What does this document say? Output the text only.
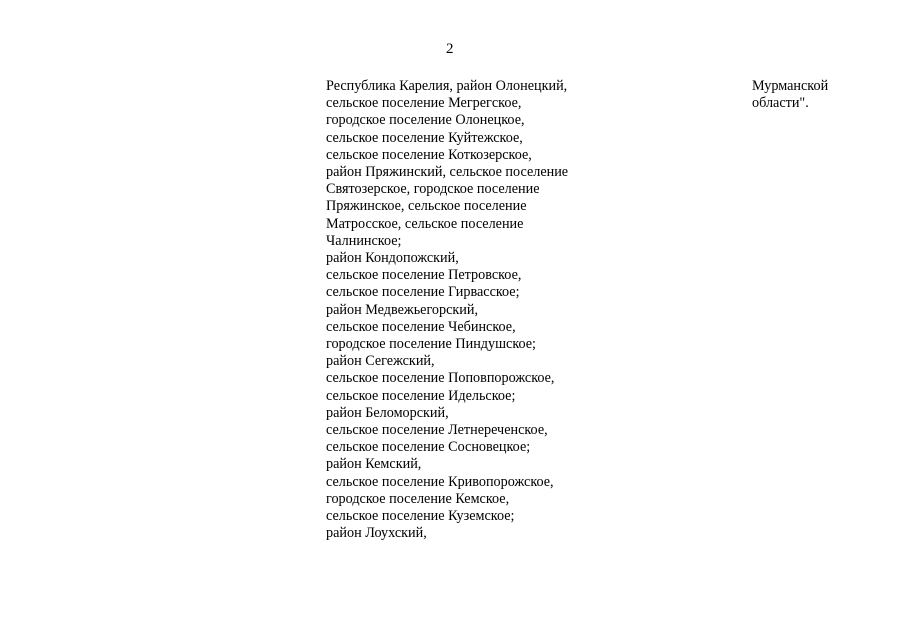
2
Республика Карелия, район Олонецкий,
сельское поселение Мегрегское,
городское поселение Олонецкое,
сельское поселение Куйтежское,
сельское поселение Коткозерское,
район Пряжинский, сельское поселение
Святозерское, городское поселение
Пряжинское, сельское поселение
Матросское, сельское поселение
Чалнинское;
район Кондопожский,
сельское поселение Петровское,
сельское поселение Гирвасское;
район Медвежьегорский,
сельское поселение Чебинское,
городское поселение Пиндушское;
район Сегежский,
сельское поселение Поповпорожское,
сельское поселение Идельское;
район Беломорский,
сельское поселение Летнереченское,
сельское поселение Сосновецкое;
район Кемский,
сельское поселение Кривопорожское,
городское поселение Кемское,
сельское поселение Куземское;
район Лоухский,
Мурманской
области".
